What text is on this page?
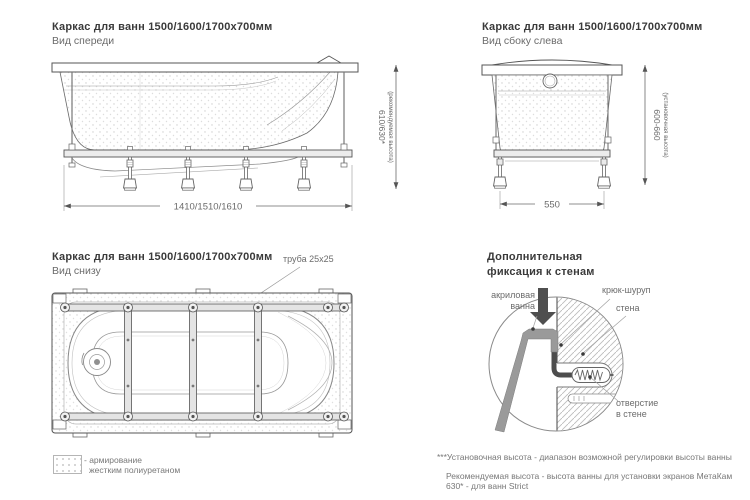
Каркас для ванн 1500/1600/1700x700мм
Вид спереди
1410/1510/1610
610/630* (рекомендуемая высота)
Каркас для ванн 1500/1600/1700x700мм
Вид сбоку слева
550
600-660 (установочная высота)
Каркас для ванн 1500/1600/1700x700мм
Вид снизу
труба 25x25
- армирование
жестким полиуретаном
Дополнительная
фиксация к стенам
акриловая
ванна
крюк-шуруп
стена
отверстие
в стене
***Установочная высота - диапазон возможной регулировки высоты ванны
Рекомендуемая высота - высота ванны для установки экранов МетаКам
630* - для ванн Strict
